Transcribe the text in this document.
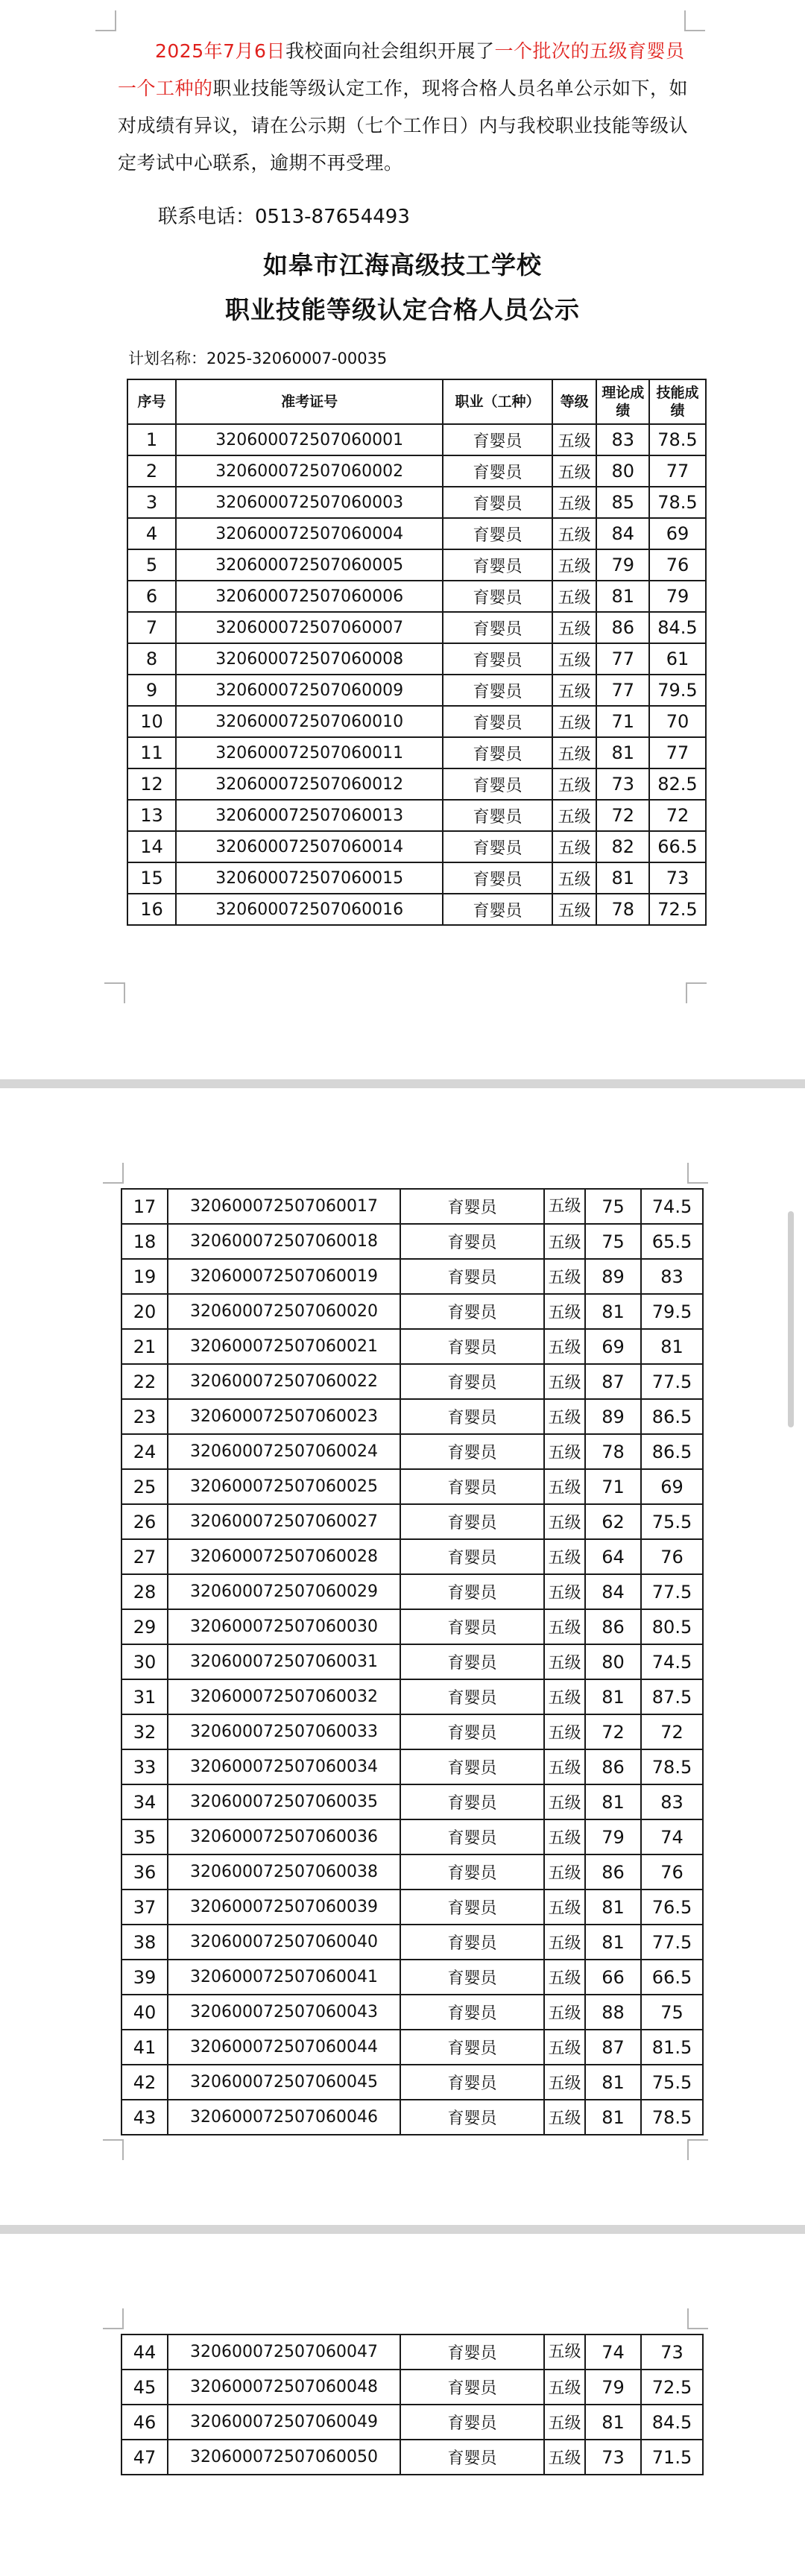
2025年7月6日我校面向社会组织开展了一个批次的五级育婴员一个工种的职业技能等级认定工作，现将合格人员名单公示如下，如对成绩有异议，请在公示期（七个工作日）内与我校职业技能等级认定考试中心联系，逾期不再受理。
联系电话：0513-87654493
如皋市江海高级技工学校
职业技能等级认定合格人员公示
计划名称：2025-32060007-00035
序号	准考证号	职业（工种）	等级	理论成绩	技能成绩
1	320600072507060001	育婴员	五级	83	78.5
2	320600072507060002	育婴员	五级	80	77
3	320600072507060003	育婴员	五级	85	78.5
4	320600072507060004	育婴员	五级	84	69
5	320600072507060005	育婴员	五级	79	76
6	320600072507060006	育婴员	五级	81	79
7	320600072507060007	育婴员	五级	86	84.5
8	320600072507060008	育婴员	五级	77	61
9	320600072507060009	育婴员	五级	77	79.5
10	320600072507060010	育婴员	五级	71	70
11	320600072507060011	育婴员	五级	81	77
12	320600072507060012	育婴员	五级	73	82.5
13	320600072507060013	育婴员	五级	72	72
14	320600072507060014	育婴员	五级	82	66.5
15	320600072507060015	育婴员	五级	81	73
16	320600072507060016	育婴员	五级	78	72.5
17	320600072507060017	育婴员	五级	75	74.5
18	320600072507060018	育婴员	五级	75	65.5
19	320600072507060019	育婴员	五级	89	83
20	320600072507060020	育婴员	五级	81	79.5
21	320600072507060021	育婴员	五级	69	81
22	320600072507060022	育婴员	五级	87	77.5
23	320600072507060023	育婴员	五级	89	86.5
24	320600072507060024	育婴员	五级	78	86.5
25	320600072507060025	育婴员	五级	71	69
26	320600072507060027	育婴员	五级	62	75.5
27	320600072507060028	育婴员	五级	64	76
28	320600072507060029	育婴员	五级	84	77.5
29	320600072507060030	育婴员	五级	86	80.5
30	320600072507060031	育婴员	五级	80	74.5
31	320600072507060032	育婴员	五级	81	87.5
32	320600072507060033	育婴员	五级	72	72
33	320600072507060034	育婴员	五级	86	78.5
34	320600072507060035	育婴员	五级	81	83
35	320600072507060036	育婴员	五级	79	74
36	320600072507060038	育婴员	五级	86	76
37	320600072507060039	育婴员	五级	81	76.5
38	320600072507060040	育婴员	五级	81	77.5
39	320600072507060041	育婴员	五级	66	66.5
40	320600072507060043	育婴员	五级	88	75
41	320600072507060044	育婴员	五级	87	81.5
42	320600072507060045	育婴员	五级	81	75.5
43	320600072507060046	育婴员	五级	81	78.5
44	320600072507060047	育婴员	五级	74	73
45	320600072507060048	育婴员	五级	79	72.5
46	320600072507060049	育婴员	五级	81	84.5
47	320600072507060050	育婴员	五级	73	71.5
